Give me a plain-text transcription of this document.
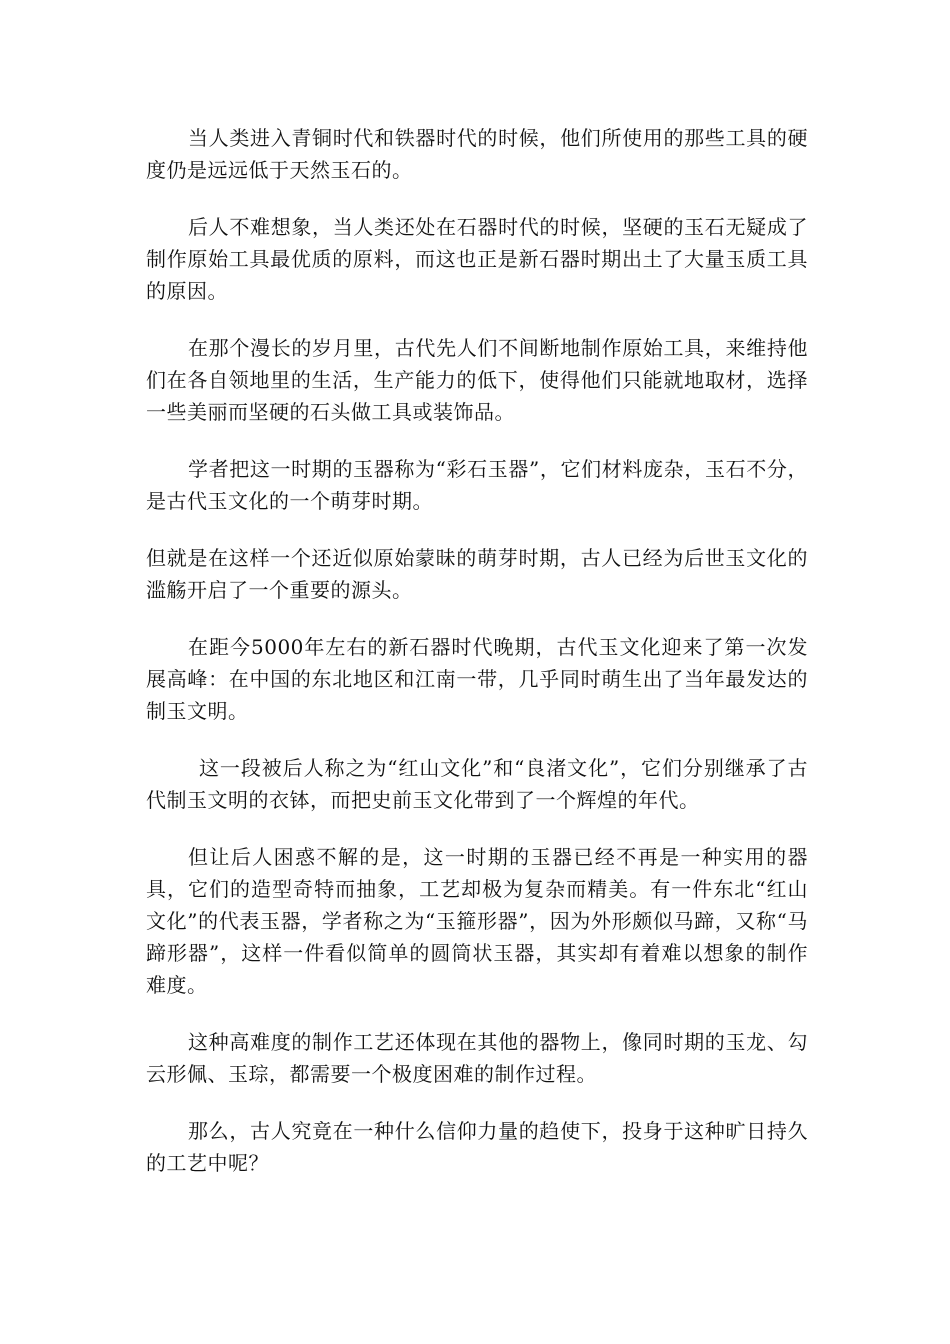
当人类进入青铜时代和铁器时代的时候，他们所使用的那些工具的硬度仍是远远低于天然玉石的。

后人不难想象，当人类还处在石器时代的时候，坚硬的玉石无疑成了制作原始工具最优质的原料，而这也正是新石器时期出土了大量玉质工具的原因。

在那个漫长的岁月里，古代先人们不间断地制作原始工具，来维持他们在各自领地里的生活，生产能力的低下，使得他们只能就地取材，选择一些美丽而坚硬的石头做工具或装饰品。

学者把这一时期的玉器称为“彩石玉器”，它们材料庞杂，玉石不分，是古代玉文化的一个萌芽时期。

但就是在这样一个还近似原始蒙昧的萌芽时期，古人已经为后世玉文化的滥觞开启了一个重要的源头。

在距今5000年左右的新石器时代晚期，古代玉文化迎来了第一次发展高峰：在中国的东北地区和江南一带，几乎同时萌生出了当年最发达的制玉文明。

这一段被后人称之为“红山文化”和“良渚文化”，它们分别继承了古代制玉文明的衣钵，而把史前玉文化带到了一个辉煌的年代。

但让后人困惑不解的是，这一时期的玉器已经不再是一种实用的器具，它们的造型奇特而抽象，工艺却极为复杂而精美。有一件东北“红山文化”的代表玉器，学者称之为“玉箍形器”，因为外形颇似马蹄，又称“马蹄形器”，这样一件看似简单的圆筒状玉器，其实却有着难以想象的制作难度。

这种高难度的制作工艺还体现在其他的器物上，像同时期的玉龙、勾云形佩、玉琮，都需要一个极度困难的制作过程。

那么，古人究竟在一种什么信仰力量的趋使下，投身于这种旷日持久的工艺中呢？
